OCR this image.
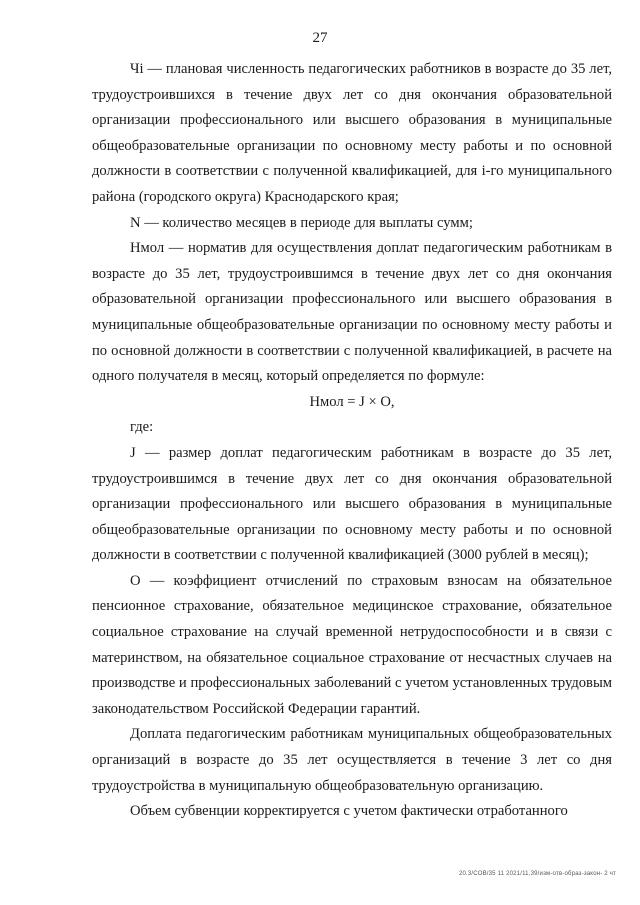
27

Чi — плановая численность педагогических работников в возрасте до 35 лет, трудоустроившихся в течение двух лет со дня окончания образовательной организации профессионального или высшего образования в муниципальные общеобразовательные организации по основному месту работы и по основной должности в соответствии с полученной квалификацией, для i-го муниципального района (городского округа) Краснодарского края;

N — количество месяцев в периоде для выплаты сумм;

Нмол — норматив для осуществления доплат педагогическим работникам в возрасте до 35 лет, трудоустроившимся в течение двух лет со дня окончания образовательной организации профессионального или высшего образования в муниципальные общеобразовательные организации по основному месту работы и по основной должности в соответствии с полученной квалификацией, в расчете на одного получателя в месяц, который определяется по формуле:

Нмол = J × O,

где:

J — размер доплат педагогическим работникам в возрасте до 35 лет, трудоустроившимся в течение двух лет со дня окончания образовательной организации профессионального или высшего образования в муниципальные общеобразовательные организации по основному месту работы и по основной должности в соответствии с полученной квалификацией (3000 рублей в месяц);

О — коэффициент отчислений по страховым взносам на обязательное пенсионное страхование, обязательное медицинское страхование, обязательное социальное страхование на случай временной нетрудоспособности и в связи с материнством, на обязательное социальное страхование от несчастных случаев на производстве и профессиональных заболеваний с учетом установленных трудовым законодательством Российской Федерации гарантий.

Доплата педагогическим работникам муниципальных общеобразовательных организаций в возрасте до 35 лет осуществляется в течение 3 лет со дня трудоустройства в муниципальную общеобразовательную организацию.

Объем субвенции корректируется с учетом фактически отработанного

20.3/СОВ/35 11 2021/11,39/изм-отв-образ-закон- 2 чт
